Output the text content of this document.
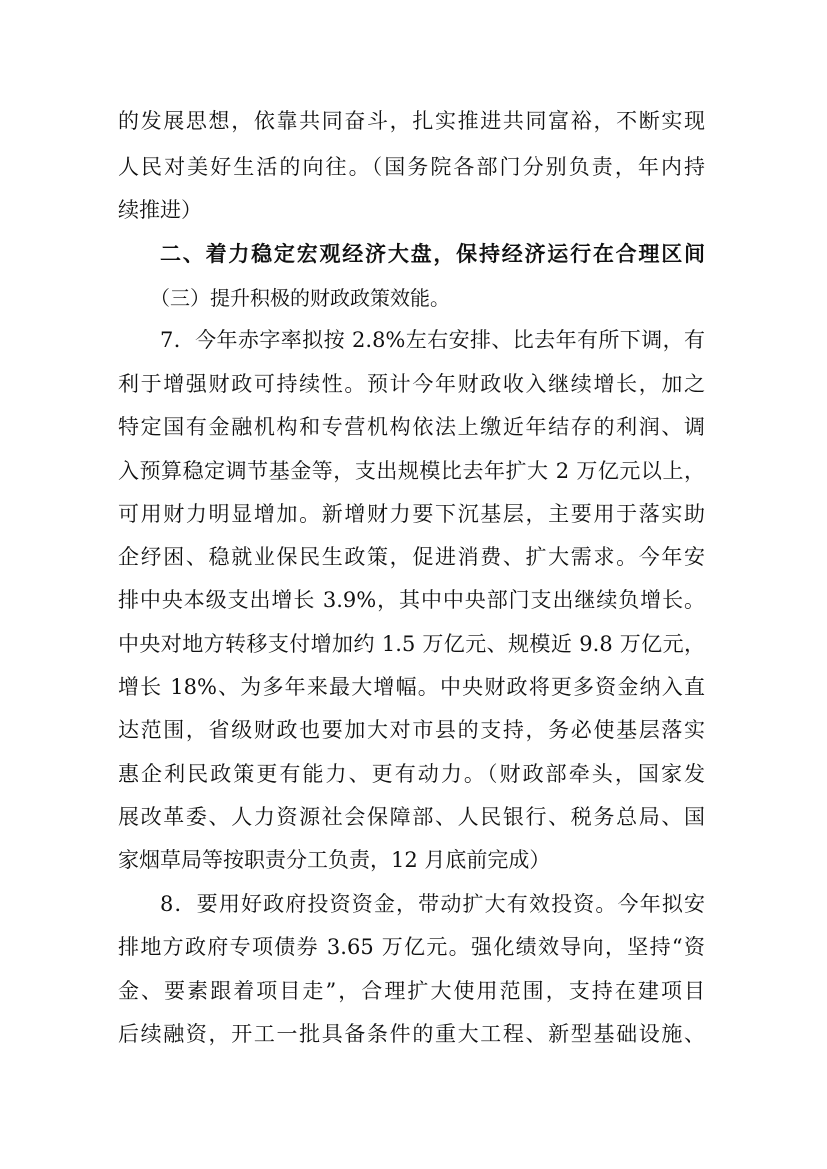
的发展思想，依靠共同奋斗，扎实推进共同富裕，不断实现
人民对美好生活的向往。（国务院各部门分别负责，年内持
续推进）
二、着力稳定宏观经济大盘，保持经济运行在合理区间
（三）提升积极的财政政策效能。
7．今年赤字率拟按 2.8%左右安排、比去年有所下调，有
利于增强财政可持续性。预计今年财政收入继续增长，加之
特定国有金融机构和专营机构依法上缴近年结存的利润、调
入预算稳定调节基金等，支出规模比去年扩大 2 万亿元以上，
可用财力明显增加。新增财力要下沉基层，主要用于落实助
企纾困、稳就业保民生政策，促进消费、扩大需求。今年安
排中央本级支出增长 3.9%，其中中央部门支出继续负增长。
中央对地方转移支付增加约 1.5 万亿元、规模近 9.8 万亿元，
增长 18%、为多年来最大增幅。中央财政将更多资金纳入直
达范围，省级财政也要加大对市县的支持，务必使基层落实
惠企利民政策更有能力、更有动力。（财政部牵头，国家发
展改革委、人力资源社会保障部、人民银行、税务总局、国
家烟草局等按职责分工负责，12 月底前完成）
8．要用好政府投资资金，带动扩大有效投资。今年拟安
排地方政府专项债券 3.65 万亿元。强化绩效导向，坚持“资
金、要素跟着项目走”，合理扩大使用范围，支持在建项目
后续融资，开工一批具备条件的重大工程、新型基础设施、
